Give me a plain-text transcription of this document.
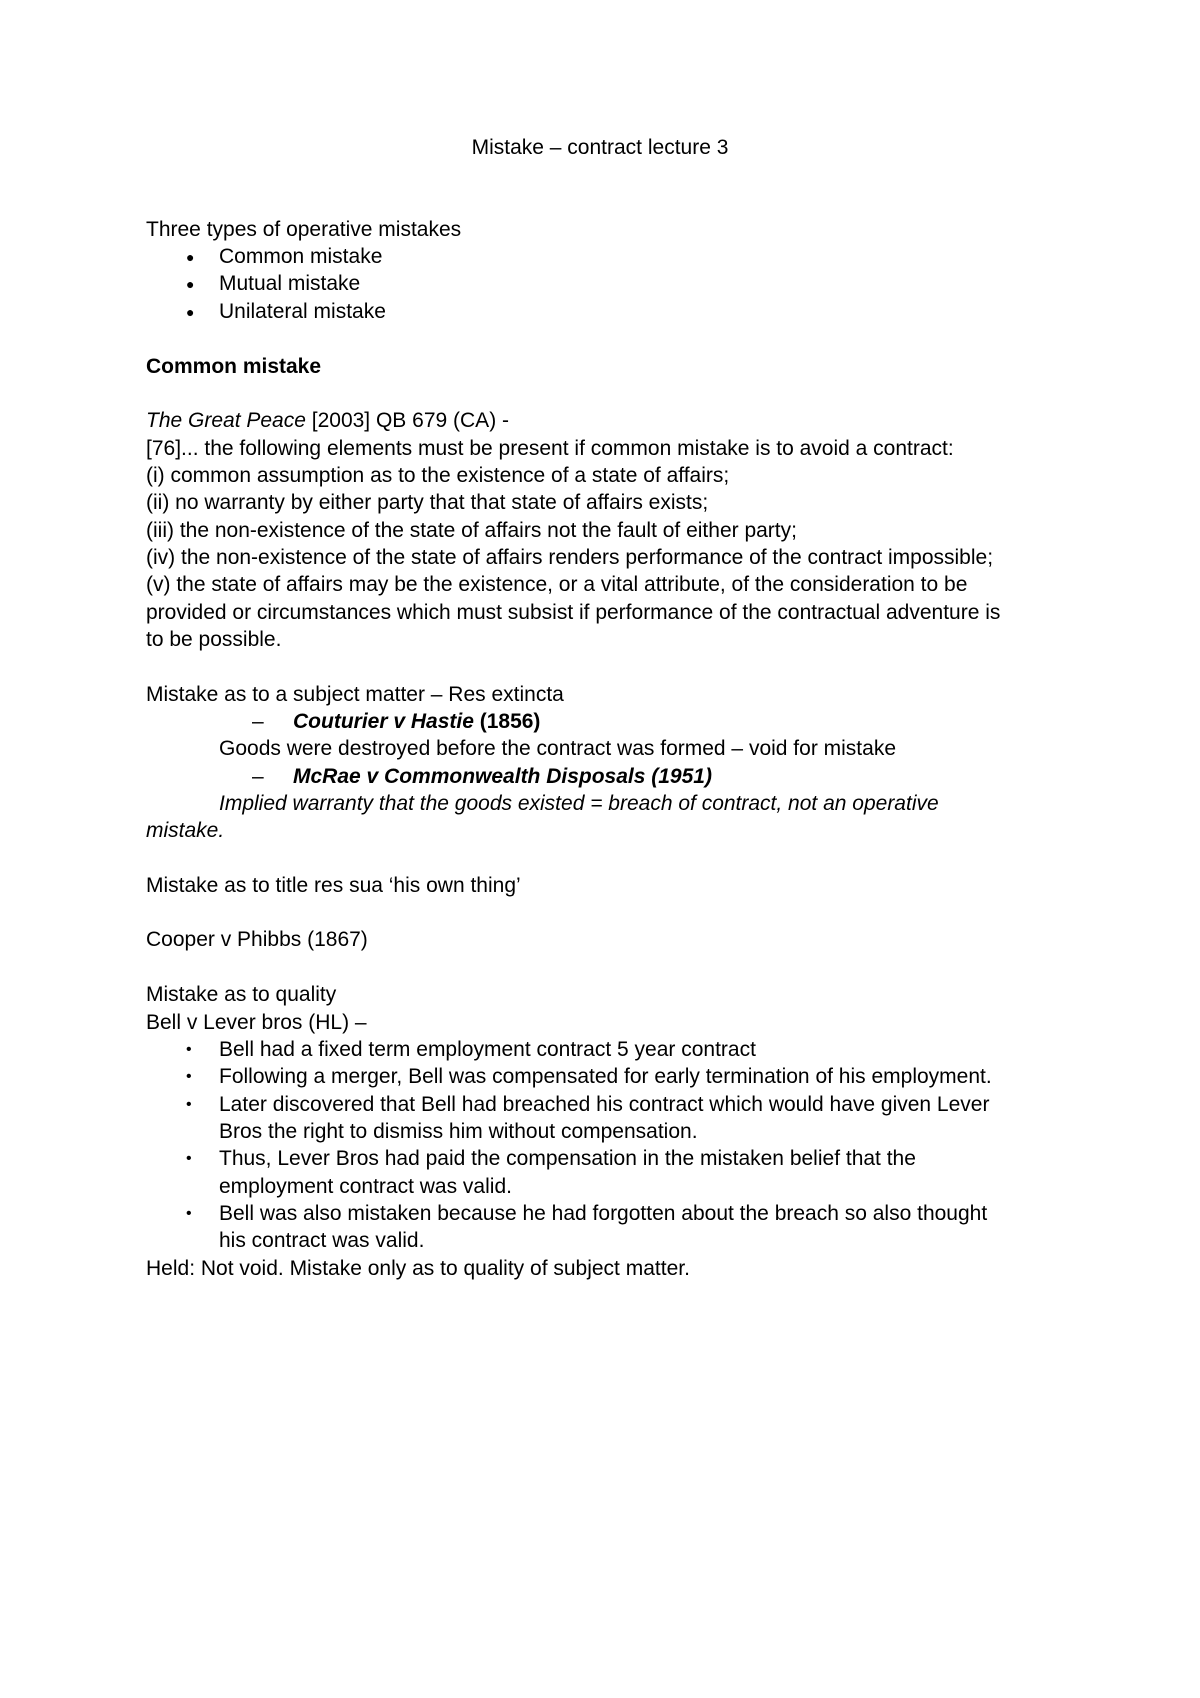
Mistake – contract lecture 3
Three types of operative mistakes
● Common mistake
● Mutual mistake
● Unilateral mistake
Common mistake
The Great Peace [2003] QB 679 (CA) -
[76]... the following elements must be present if common mistake is to avoid a contract:
(i) common assumption as to the existence of a state of affairs;
(ii) no warranty by either party that that state of affairs exists;
(iii) the non-existence of the state of affairs not the fault of either party;
(iv) the non-existence of the state of affairs renders performance of the contract impossible;
(v) the state of affairs may be the existence, or a vital attribute, of the consideration to be
provided or circumstances which must subsist if performance of the contractual adventure is
to be possible.
Mistake as to a subject matter – Res extincta
– Couturier v Hastie (1856)
Goods were destroyed before the contract was formed – void for mistake
– McRae v Commonwealth Disposals (1951)
Implied warranty that the goods existed = breach of contract, not an operative
mistake.
Mistake as to title res sua ‘his own thing’
Cooper v Phibbs (1867)
Mistake as to quality
Bell v Lever bros (HL) –
• Bell had a fixed term employment contract 5 year contract
• Following a merger, Bell was compensated for early termination of his employment.
• Later discovered that Bell had breached his contract which would have given Lever
Bros the right to dismiss him without compensation.
• Thus, Lever Bros had paid the compensation in the mistaken belief that the
employment contract was valid.
• Bell was also mistaken because he had forgotten about the breach so also thought
his contract was valid.
Held: Not void. Mistake only as to quality of subject matter.
